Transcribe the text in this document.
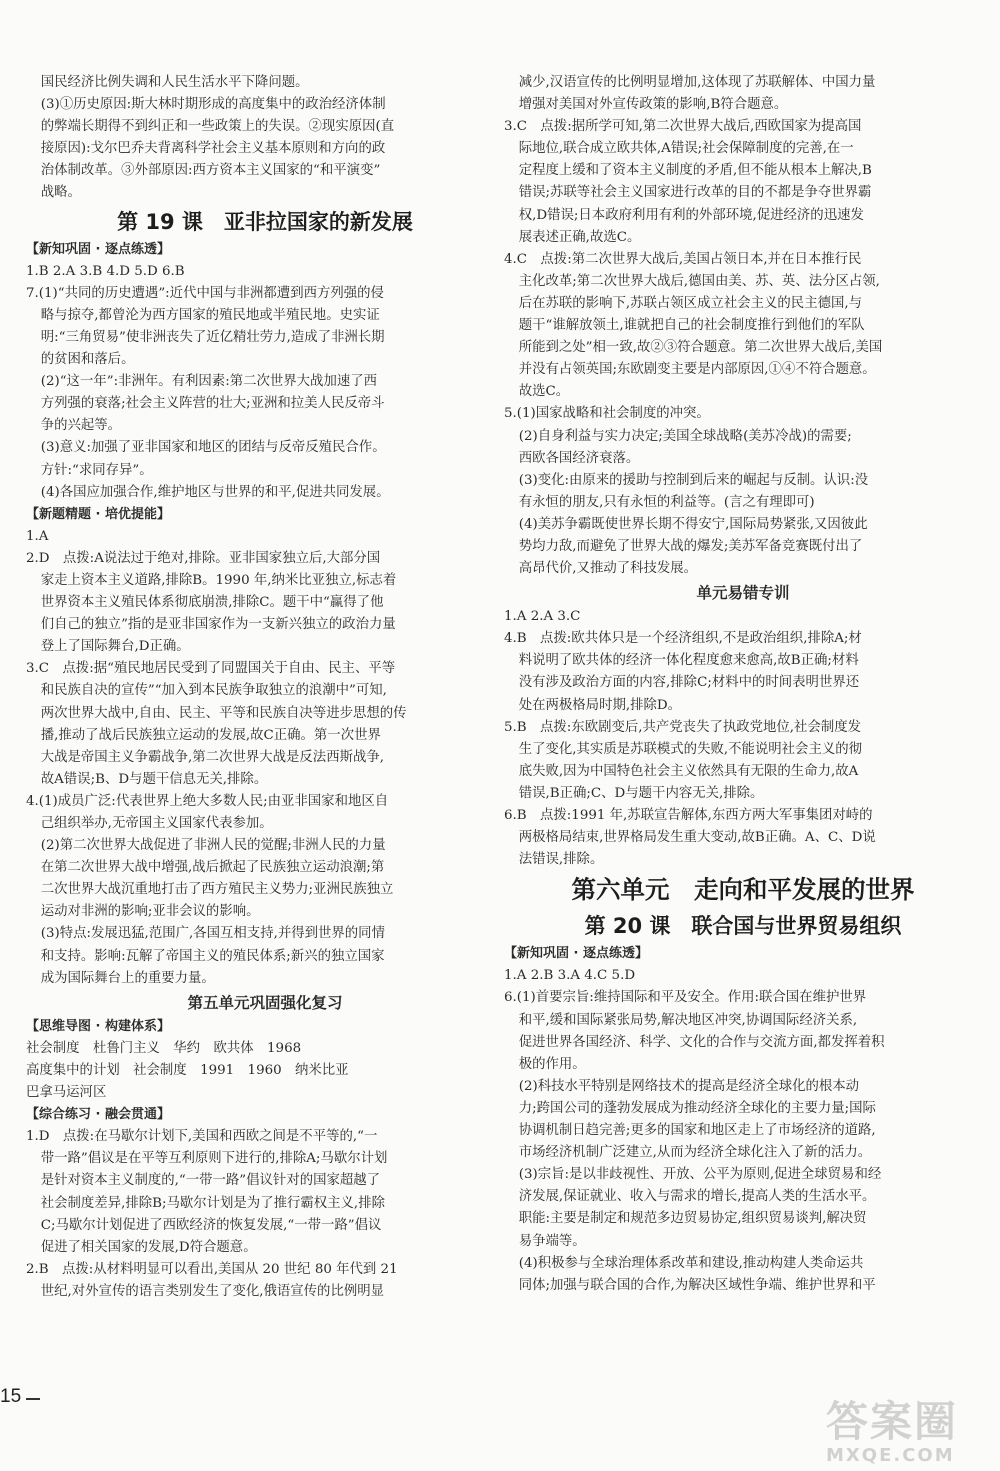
国民经济比例失调和人民生活水平下降问题。
(3)①历史原因:斯大林时期形成的高度集中的政治经济体制
的弊端长期得不到纠正和一些政策上的失误。②现实原因(直
接原因):戈尔巴乔夫背离科学社会主义基本原则和方向的政
治体制改革。③外部原因:西方资本主义国家的“和平演变”
战略。
第 19 课　亚非拉国家的新发展
【新知巩固 · 逐点练透】
1.B 2.A 3.B 4.D 5.D 6.B
7.(1)“共同的历史遭遇”:近代中国与非洲都遭到西方列强的侵
略与掠夺,都曾沦为西方国家的殖民地或半殖民地。史实证
明:“三角贸易”使非洲丧失了近亿精壮劳力,造成了非洲长期
的贫困和落后。
(2)“这一年”:非洲年。有利因素:第二次世界大战加速了西
方列强的衰落;社会主义阵营的壮大;亚洲和拉美人民反帝斗
争的兴起等。
(3)意义:加强了亚非国家和地区的团结与反帝反殖民合作。
方针:“求同存异”。
(4)各国应加强合作,维护地区与世界的和平,促进共同发展。
【新题精题 · 培优提能】
1.A
2.D　点拨:A说法过于绝对,排除。亚非国家独立后,大部分国
家走上资本主义道路,排除B。1990 年,纳米比亚独立,标志着
世界资本主义殖民体系彻底崩溃,排除C。题干中“赢得了他
们自己的独立”指的是亚非国家作为一支新兴独立的政治力量
登上了国际舞台,D正确。
3.C　点拨:据“殖民地居民受到了同盟国关于自由、民主、平等
和民族自决的宣传”“加入到本民族争取独立的浪潮中”可知,
两次世界大战中,自由、民主、平等和民族自决等进步思想的传
播,推动了战后民族独立运动的发展,故C正确。第一次世界
大战是帝国主义争霸战争,第二次世界大战是反法西斯战争,
故A错误;B、D与题干信息无关,排除。
4.(1)成员广泛:代表世界上绝大多数人民;由亚非国家和地区自
己组织举办,无帝国主义国家代表参加。
(2)第二次世界大战促进了非洲人民的觉醒;非洲人民的力量
在第二次世界大战中增强,战后掀起了民族独立运动浪潮;第
二次世界大战沉重地打击了西方殖民主义势力;亚洲民族独立
运动对非洲的影响;亚非会议的影响。
(3)特点:发展迅猛,范围广,各国互相支持,并得到世界的同情
和支持。影响:瓦解了帝国主义的殖民体系;新兴的独立国家
成为国际舞台上的重要力量。
第五单元巩固强化复习
【思维导图 · 构建体系】
社会制度　杜鲁门主义　华约　欧共体　1968
高度集中的计划　社会制度　1991　1960　纳米比亚
巴拿马运河区
【综合练习 · 融会贯通】
1.D　点拨:在马歇尔计划下,美国和西欧之间是不平等的,“一
带一路”倡议是在平等互利原则下进行的,排除A;马歇尔计划
是针对资本主义制度的,“一带一路”倡议针对的国家超越了
社会制度差异,排除B;马歇尔计划是为了推行霸权主义,排除
C;马歇尔计划促进了西欧经济的恢复发展,“一带一路”倡议
促进了相关国家的发展,D符合题意。
2.B　点拨:从材料明显可以看出,美国从 20 世纪 80 年代到 21
世纪,对外宣传的语言类别发生了变化,俄语宣传的比例明显
减少,汉语宣传的比例明显增加,这体现了苏联解体、中国力量
增强对美国对外宣传政策的影响,B符合题意。
3.C　点拨:据所学可知,第二次世界大战后,西欧国家为提高国
际地位,联合成立欧共体,A错误;社会保障制度的完善,在一
定程度上缓和了资本主义制度的矛盾,但不能从根本上解决,B
错误;苏联等社会主义国家进行改革的目的不都是争夺世界霸
权,D错误;日本政府利用有利的外部环境,促进经济的迅速发
展表述正确,故选C。
4.C　点拨:第二次世界大战后,美国占领日本,并在日本推行民
主化改革;第二次世界大战后,德国由美、苏、英、法分区占领,
后在苏联的影响下,苏联占领区成立社会主义的民主德国,与
题干“谁解放领土,谁就把自己的社会制度推行到他们的军队
所能到之处”相一致,故②③符合题意。第二次世界大战后,美国
并没有占领英国;东欧剧变主要是内部原因,①④不符合题意。
故选C。
5.(1)国家战略和社会制度的冲突。
(2)自身利益与实力决定;美国全球战略(美苏冷战)的需要;
西欧各国经济衰落。
(3)变化:由原来的援助与控制到后来的崛起与反制。认识:没
有永恒的朋友,只有永恒的利益等。(言之有理即可)
(4)美苏争霸既使世界长期不得安宁,国际局势紧张,又因彼此
势均力敌,而避免了世界大战的爆发;美苏军备竞赛既付出了
高昂代价,又推动了科技发展。
单元易错专训
1.A 2.A 3.C
4.B　点拨:欧共体只是一个经济组织,不是政治组织,排除A;材
料说明了欧共体的经济一体化程度愈来愈高,故B正确;材料
没有涉及政治方面的内容,排除C;材料中的时间表明世界还
处在两极格局时期,排除D。
5.B　点拨:东欧剧变后,共产党丧失了执政党地位,社会制度发
生了变化,其实质是苏联模式的失败,不能说明社会主义的彻
底失败,因为中国特色社会主义依然具有无限的生命力,故A
错误,B正确;C、D与题干内容无关,排除。
6.B　点拨:1991 年,苏联宣告解体,东西方两大军事集团对峙的
两极格局结束,世界格局发生重大变动,故B正确。A、C、D说
法错误,排除。
第六单元　走向和平发展的世界
第 20 课　联合国与世界贸易组织
【新知巩固 · 逐点练透】
1.A 2.B 3.A 4.C 5.D
6.(1)首要宗旨:维持国际和平及安全。作用:联合国在维护世界
和平,缓和国际紧张局势,解决地区冲突,协调国际经济关系,
促进世界各国经济、科学、文化的合作与交流方面,都发挥着积
极的作用。
(2)科技水平特别是网络技术的提高是经济全球化的根本动
力;跨国公司的蓬勃发展成为推动经济全球化的主要力量;国际
协调机制日趋完善;更多的国家和地区走上了市场经济的道路,
市场经济机制广泛建立,从而为经济全球化注入了新的活力。
(3)宗旨:是以非歧视性、开放、公平为原则,促进全球贸易和经
济发展,保证就业、收入与需求的增长,提高人类的生活水平。
职能:主要是制定和规范多边贸易协定,组织贸易谈判,解决贸
易争端等。
(4)积极参与全球治理体系改革和建设,推动构建人类命运共
同体;加强与联合国的合作,为解决区域性争端、维护世界和平
15
答案圈
MXQE.COM
